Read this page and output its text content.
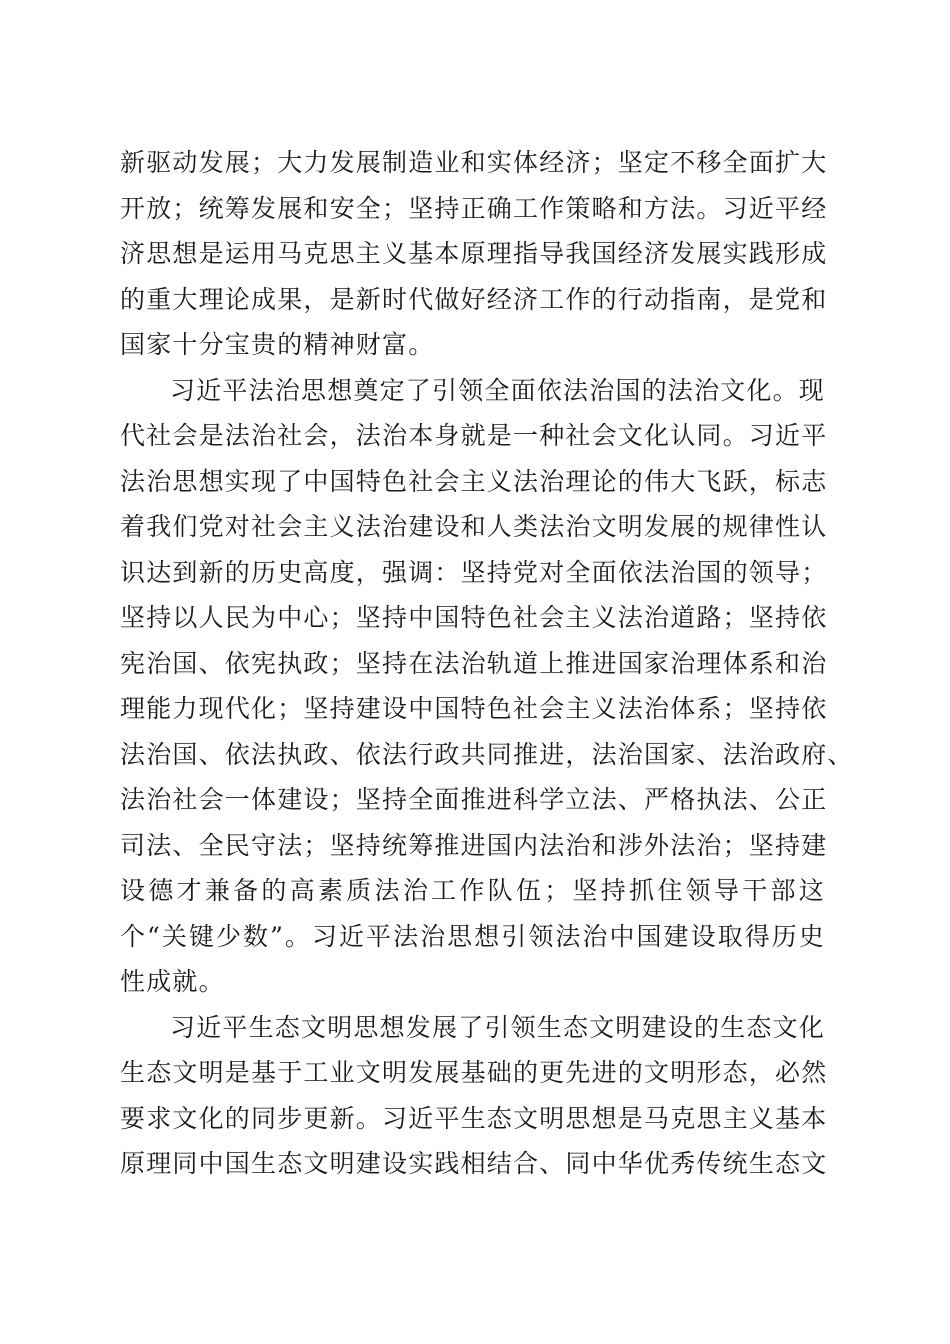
新驱动发展；大力发展制造业和实体经济；坚定不移全面扩大
开放；统筹发展和安全；坚持正确工作策略和方法。习近平经
济思想是运用马克思主义基本原理指导我国经济发展实践形成
的重大理论成果，是新时代做好经济工作的行动指南，是党和
国家十分宝贵的精神财富。
习近平法治思想奠定了引领全面依法治国的法治文化。现
代社会是法治社会，法治本身就是一种社会文化认同。习近平
法治思想实现了中国特色社会主义法治理论的伟大飞跃，标志
着我们党对社会主义法治建设和人类法治文明发展的规律性认
识达到新的历史高度，强调：坚持党对全面依法治国的领导；
坚持以人民为中心；坚持中国特色社会主义法治道路；坚持依
宪治国、依宪执政；坚持在法治轨道上推进国家治理体系和治
理能力现代化；坚持建设中国特色社会主义法治体系；坚持依
法治国、依法执政、依法行政共同推进，法治国家、法治政府、
法治社会一体建设；坚持全面推进科学立法、严格执法、公正
司法、全民守法；坚持统筹推进国内法治和涉外法治；坚持建
设德才兼备的高素质法治工作队伍；坚持抓住领导干部这
个“关键少数”。习近平法治思想引领法治中国建设取得历史
性成就。
习近平生态文明思想发展了引领生态文明建设的生态文化
生态文明是基于工业文明发展基础的更先进的文明形态，必然
要求文化的同步更新。习近平生态文明思想是马克思主义基本
原理同中国生态文明建设实践相结合、同中华优秀传统生态文
